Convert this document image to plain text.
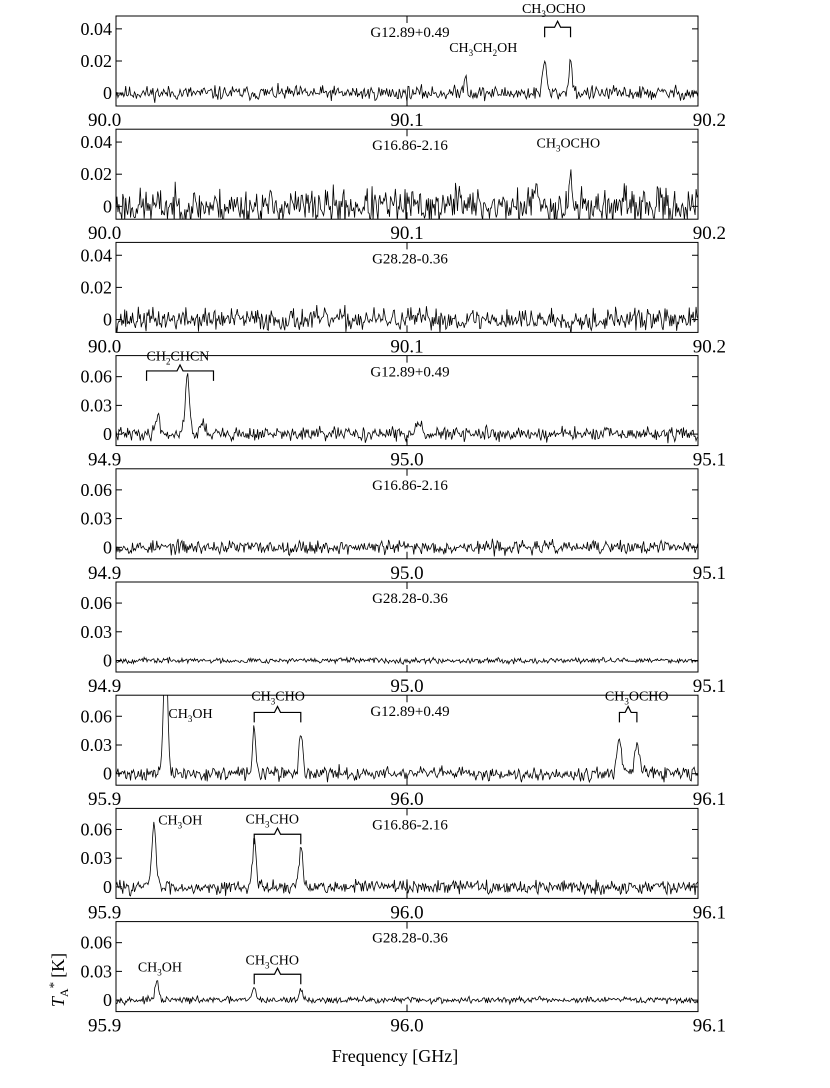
0
0.02
0.04
90.0	90.1	90.2
G12.89+0.49
$CH_3CH_2OH$
$CH_3OCHO$
0
0.02
0.04
90.0	90.1	90.2
G16.86-2.16	$CH_3OCHO$
0
0.02
0.04
90.0	90.1	90.2
G28.28-0.36
0
0.03
0.06
94.9	95.0	95.1
G12.89+0.49
$CH_2CHCN$
0
0.03
0.06
94.9	95.0	95.1
G16.86-2.16
0
0.03
0.06
94.9	95.0	95.1
G28.28-0.36
0
0.03
0.06
95.9	96.0	96.1
G12.89+0.49
$CH_3OH$
$CH_3CHO$	$CH_3OCHO$
0
0.03
0.06
95.9	96.0	96.1
G16.86-2.16
$CH_3OH$	$CH_3CHO$
0
0.03
0.06
95.9	96.0	96.1
G28.28-0.36
$CH_3OH$	$CH_3CHO$
Frequency [GHz]
$T_A^*[K]$
